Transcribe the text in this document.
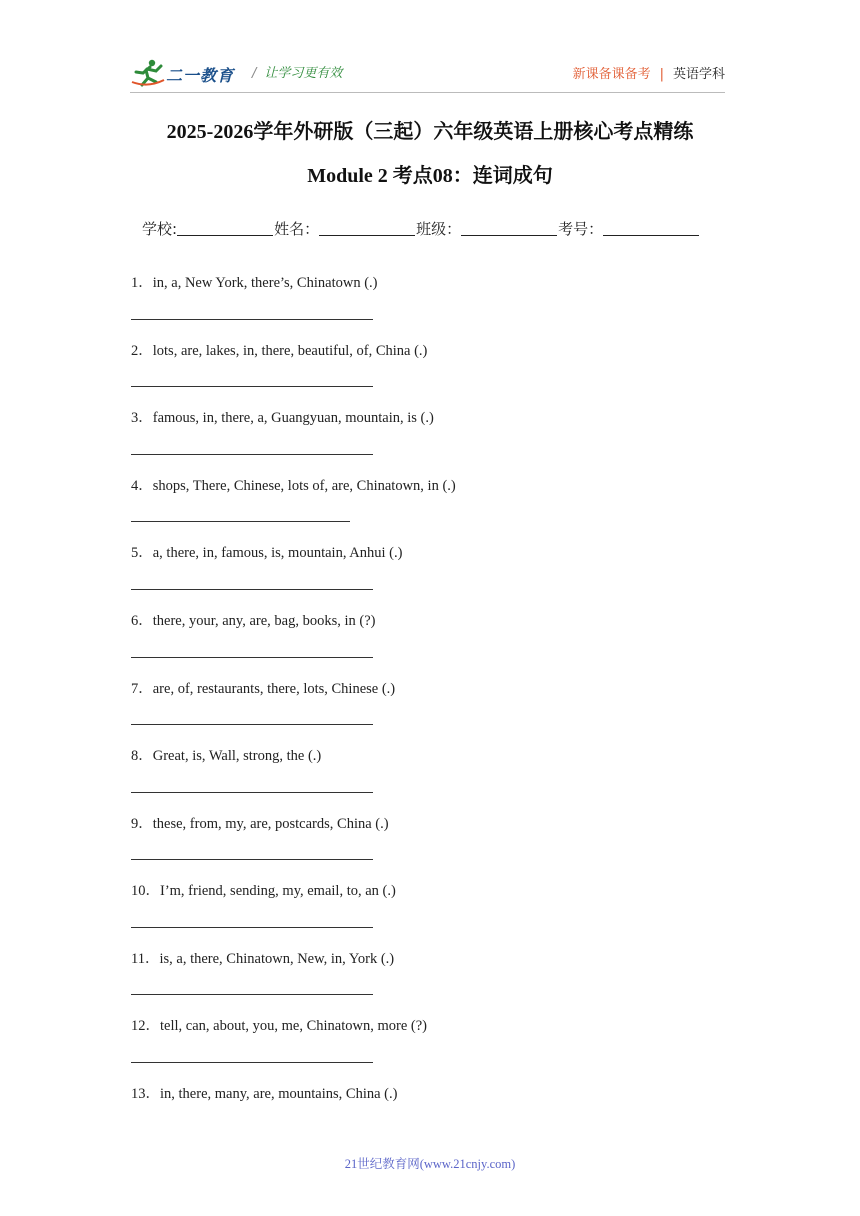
二一教育 / 让学习更有效	新课备课备考 | 英语学科
2025-2026学年外研版（三起）六年级英语上册核心考点精练
Module 2 考点08：连词成句
学校:	姓名：	班级：	考号：
1．in, a, New York, there’s, Chinatown (.)
2．lots, are, lakes, in, there, beautiful, of, China (.)
3．famous, in, there, a, Guangyuan, mountain, is (.)
4．shops, There, Chinese, lots of, are, Chinatown, in (.)
5．a, there, in, famous, is, mountain, Anhui (.)
6．there, your, any, are, bag, books, in (?)
7．are, of, restaurants, there, lots, Chinese (.)
8．Great, is, Wall, strong, the (.)
9．these, from, my, are, postcards, China (.)
10．I’m, friend, sending, my, email, to, an (.)
11．is, a, there, Chinatown, New, in, York (.)
12．tell, can, about, you, me, Chinatown, more (?)
13．in, there, many, are, mountains, China (.)
21世纪教育网(www.21cnjy.com)
